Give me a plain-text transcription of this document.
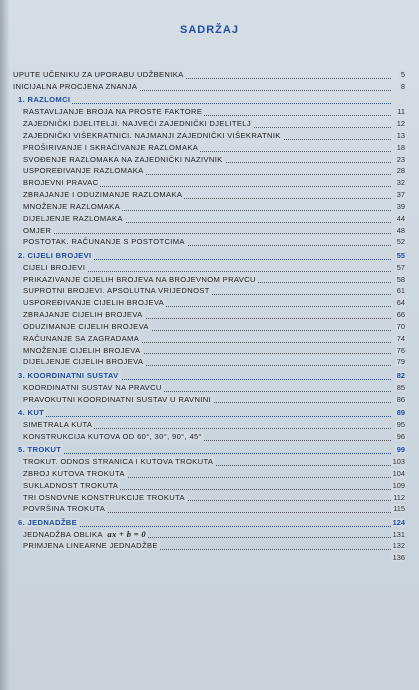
SADRŽAJ
UPUTE UČENIKU ZA UPORABU UDŽBENIKA	5
INICIJALNA PROCJENA ZNANJA	8
1. RAZLOMCI
RASTAVLJANJE BROJA NA PROSTE FAKTORE	11
ZAJEDNIČKI DJELITELJI. NAJVEĆI ZAJEDNIČKI DJELITELJ	12
ZAJEDNIČKI VIŠEKRATNICI. NAJMANJI ZAJEDNIČKI VIŠEKRATNIK	13
PROŠIRIVANJE I SKRAĆIVANJE RAZLOMAKA	18
SVOĐENJE RAZLOMAKA NA ZAJEDNIČKI NAZIVNIK	23
USPOREĐIVANJE RAZLOMAKA	28
BROJEVNI PRAVAC	32
ZBRAJANJE I ODUZIMANJE RAZLOMAKA	37
MNOŽENJE RAZLOMAKA	39
DIJELJENJE RAZLOMAKA	44
OMJER	48
POSTOTAK. RAČUNANJE S POSTOTCIMA	52
2. CIJELI BROJEVI	55
CIJELI BROJEVI	57
PRIKAZIVANJE CIJELIH BROJEVA NA BROJEVNOM PRAVCU	58
SUPROTNI BROJEVI. APSOLUTNA VRIJEDNOST	61
USPOREĐIVANJE CIJELIH BROJEVA	64
ZBRAJANJE CIJELIH BROJEVA	66
ODUZIMANJE CIJELIH BROJEVA	70
RAČUNANJE SA ZAGRADAMA	74
MNOŽENJE CIJELIH BROJEVA	76
DIJELJENJE CIJELIH BROJEVA	79
3. KOORDINATNI SUSTAV	82
KOORDINATNI SUSTAV NA PRAVCU	85
PRAVOKUTNI KOORDINATNI SUSTAV U RAVNINI	86
4. KUT	89
SIMETRALA KUTA	95
KONSTRUKCIJA KUTOVA OD 60°, 30°, 90°, 45°	96
5. TROKUT	99
TROKUT. ODNOS STRANICA I KUTOVA TROKUTA	103
ZBROJ KUTOVA TROKUTA	104
SUKLADNOST TROKUTA	109
TRI OSNOVNE KONSTRUKCIJE TROKUTA	112
POVRŠINA TROKUTA	115
6. JEDNADŽBE	124
JEDNADŽBA OBLIKA ax + b = 0	131
PRIMJENA LINEARNE JEDNADŽBE	132
136
